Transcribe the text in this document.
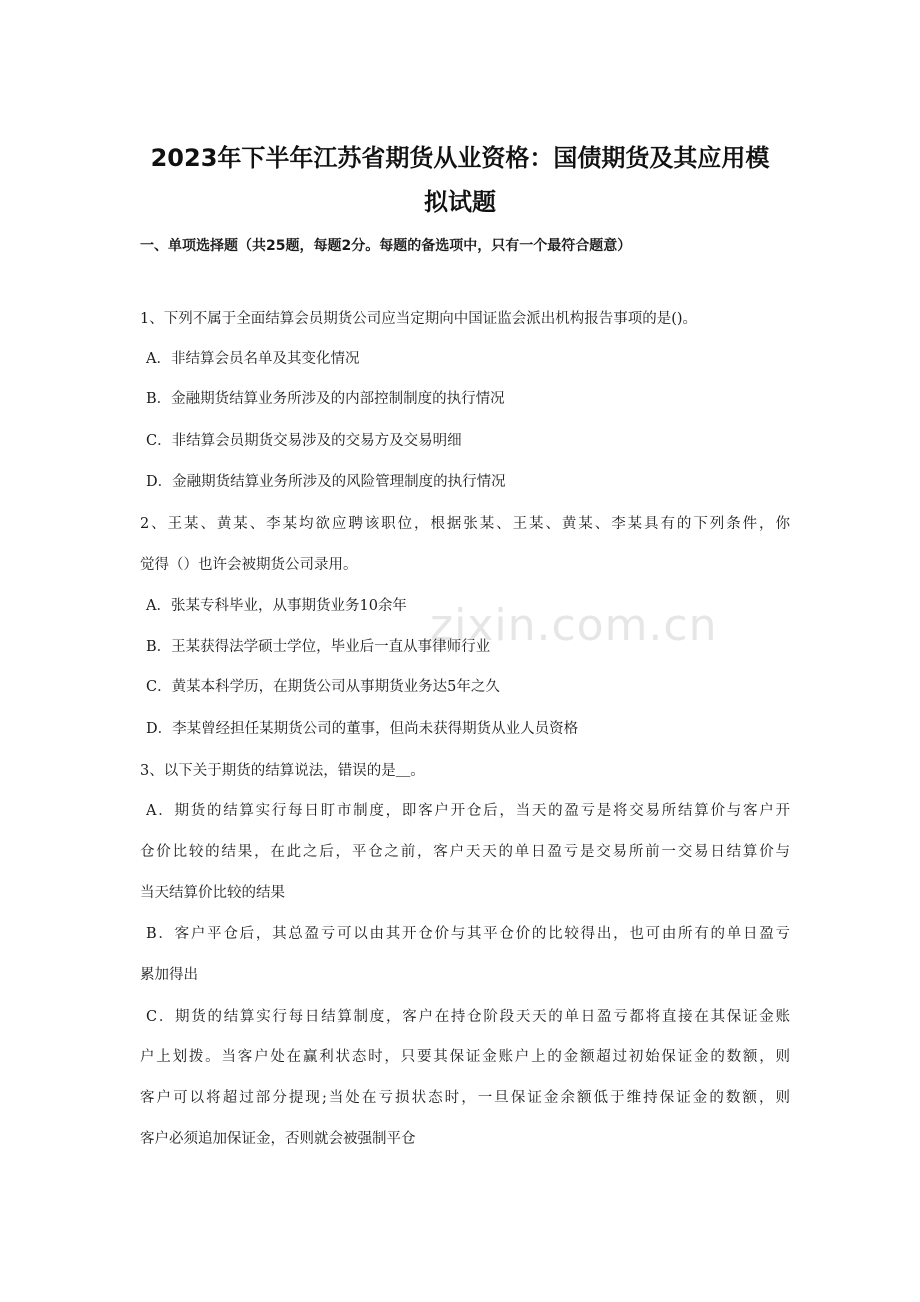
zixin.com.cn
2023年下半年江苏省期货从业资格：国债期货及其应用模
拟试题
一、单项选择题（共25题，每题2分。每题的备选项中，只有一个最符合题意）
1、下列不属于全面结算会员期货公司应当定期向中国证监会派出机构报告事项的是()。
A．非结算会员名单及其变化情况
B．金融期货结算业务所涉及的内部控制制度的执行情况
C．非结算会员期货交易涉及的交易方及交易明细
D．金融期货结算业务所涉及的风险管理制度的执行情况
2、王某、黄某、李某均欲应聘该职位，根据张某、王某、黄某、李某具有的下列条件，你
觉得（）也许会被期货公司录用。
A．张某专科毕业，从事期货业务10余年
B．王某获得法学硕士学位，毕业后一直从事律师行业
C．黄某本科学历，在期货公司从事期货业务达5年之久
D．李某曾经担任某期货公司的董事，但尚未获得期货从业人员资格
3、以下关于期货的结算说法，错误的是＿。
A．期货的结算实行每日盯市制度，即客户开仓后，当天的盈亏是将交易所结算价与客户开
仓价比较的结果，在此之后，平仓之前，客户天天的单日盈亏是交易所前一交易日结算价与
当天结算价比较的结果
B．客户平仓后，其总盈亏可以由其开仓价与其平仓价的比较得出，也可由所有的单日盈亏
累加得出
C．期货的结算实行每日结算制度，客户在持仓阶段天天的单日盈亏都将直接在其保证金账
户上划拨。当客户处在赢利状态时，只要其保证金账户上的金额超过初始保证金的数额，则
客户可以将超过部分提现;当处在亏损状态时，一旦保证金余额低于维持保证金的数额，则
客户必须追加保证金，否则就会被强制平仓
